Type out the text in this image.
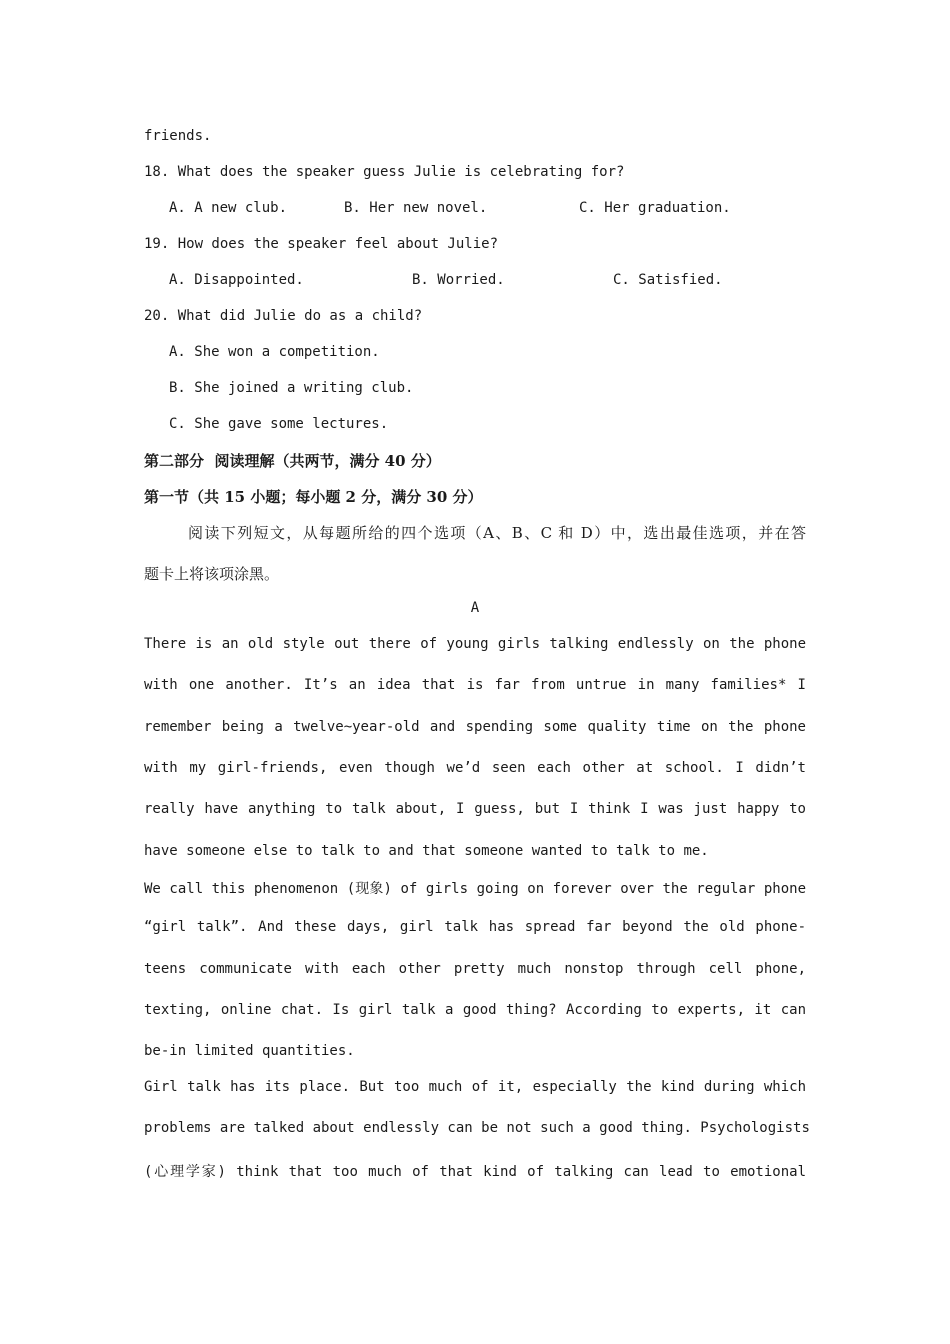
friends.
18. What does the speaker guess Julie is celebrating for?
A. A new club.	B. Her new novel.	C. Her graduation.
19. How does the speaker feel about Julie?
A. Disappointed.	B. Worried.	C. Satisfied.
20. What did Julie do as a child?
A. She won a competition.
B. She joined a writing club.
C. She gave some lectures.
第二部分  阅读理解（共两节，满分 40 分）
第一节（共 15 小题；每小题 2 分，满分 30 分）
阅读下列短文，从每题所给的四个选项（A、B、C 和 D）中，选出最佳选项，并在答
题卡上将该项涂黑。
A
There is an old style out there of young girls talking endlessly on the phone
with one another. It’s an idea that is far from untrue in many families* I
remember being a twelve~year-old and spending some quality time on the phone
with my girl-friends, even though we’d seen each other at school. I didn’t
really have anything to talk about, I guess, but I think I was just happy to
have someone else to talk to and that someone wanted to talk to me.
We call this phenomenon (现象) of girls going on forever over the regular phone
“girl talk”. And these days, girl talk has spread far beyond the old phone-
teens communicate with each other pretty much nonstop through cell phone,
texting, online chat. Is girl talk a good thing? According to experts, it can
be-in limited quantities.
Girl talk has its place. But too much of it, especially the kind during which
problems are talked about endlessly can be not such a good thing. Psychologists
(心理学家) think that too much of that kind of talking can lead to emotional
